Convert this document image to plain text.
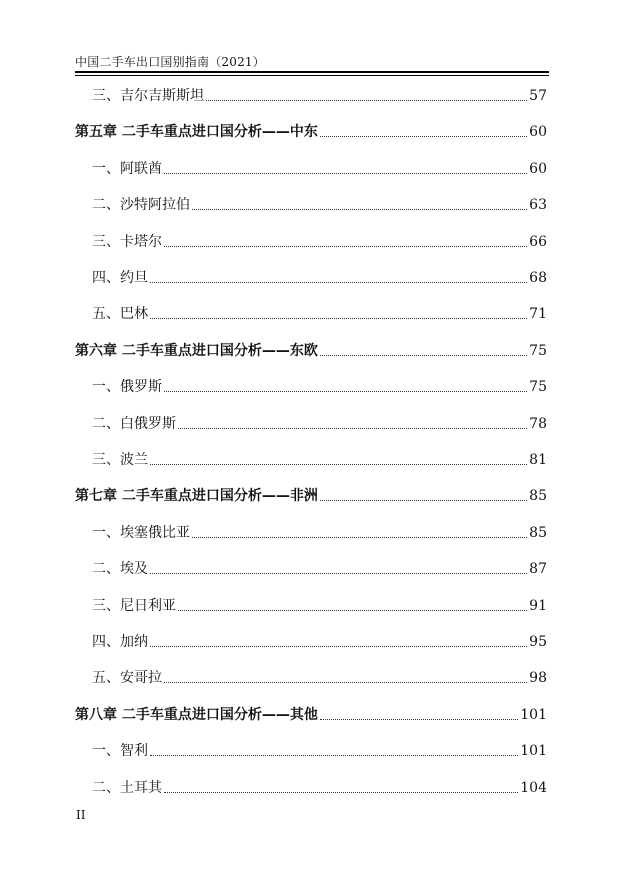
中国二手车出口国别指南（2021）
三、吉尔吉斯斯坦	57
第五章 二手车重点进口国分析——中东	60
一、阿联酋	60
二、沙特阿拉伯	63
三、卡塔尔	66
四、约旦	68
五、巴林	71
第六章 二手车重点进口国分析——东欧	75
一、俄罗斯	75
二、白俄罗斯	78
三、波兰	81
第七章 二手车重点进口国分析——非洲	85
一、埃塞俄比亚	85
二、埃及	87
三、尼日利亚	91
四、加纳	95
五、安哥拉	98
第八章 二手车重点进口国分析——其他	101
一、智利	101
二、土耳其	104
II
